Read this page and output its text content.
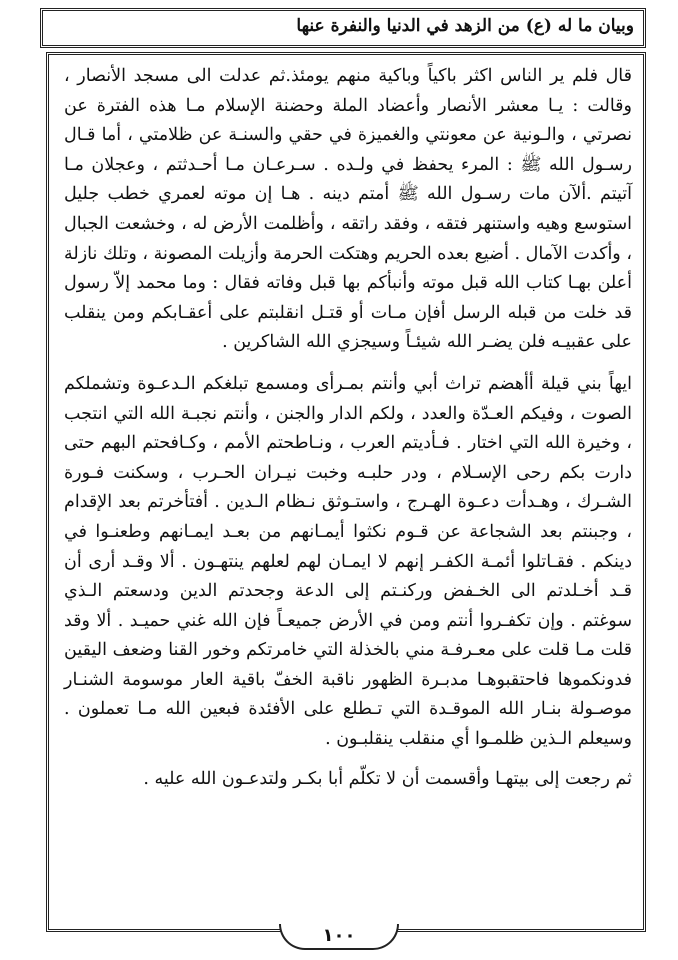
وبيان ما له (ع) من الزهد في الدنيا والنفرة عنها

قال فلم ير الناس اكثر باكياً وباكية منهم يومئذ.ثم عدلت الى مسجد الأنصار ، وقالت : يـا معشر الأنصار وأعضاد الملة وحضنة الإسلام مـا هذه الفترة عن نصرتي ، والـونية عن معونتي والغميزة في حقي والسنـة عن ظلامتي ، أما قـال رسـول الله ﷺ : المرء يحفظ في ولـده . سـرعـان مـا أحـدثتم ، وعجلان مـا آتيتم .ألآن مات رسـول الله ﷺ أمتم دينه . هـا إن موته لعمري خطب جليل استوسع وهيه واستنهر فتقه ، وفقد راتقه ، وأظلمت الأرض له ، وخشعت الجبال ، وأكدت الآمال . أضيع بعده الحريم وهتكت الحرمة وأزيلت المصونة ، وتلك نازلة أعلن بهـا كتاب الله قبل موته وأنبأكم بها قبل وفاته فقال : وما محمد إلاّ رسول قد خلت من قبله الرسل أفإن مـات أو قتـل انقلبتم على أعقـابكم ومن ينقلب على عقبيـه فلن يضـر الله شيئـاً وسيجزي الله الشاكرين .

ايهاً بني قيلة أأهضم تراث أبي وأنتم بمـرأى ومسمع تبلغكم الـدعـوة وتشملكم الصوت ، وفيكم العـدّة والعدد ، ولكم الدار والجنن ، وأنتم نجبـة الله التي انتجب ، وخيرة الله التي اختار . فـأديتم العرب ، ونـاطحتم الأمم ، وكـافحتم البهم حتى دارت بكم رحى الإسـلام ، ودر حلبـه وخبت نيـران الحـرب ، وسكنت فـورة الشـرك ، وهـدأت دعـوة الهـرج ، واستـوثق نـظام الـدين . أفتأخرتم بعد الإقدام ، وجبنتم بعد الشجاعة عن قـوم نكثوا أيمـانهم من بعـد ايمـانهم وطعنـوا في دينكم . فقـاتلوا أئمـة الكفـر إنهم لا ايمـان لهم لعلهم ينتهـون . ألا وقـد أرى أن قـد أخـلدتم الى الخـفض وركنـتم إلى الدعة وجحدتم الدين ودسعتم الـذي سوغتم . وإن تكفـروا أنتم ومن في الأرض جميعـاً فإن الله غني حميـد . ألا وقد قلت مـا قلت على معـرفـة مني بالخذلة التي خامرتكم وخور القنا وضعف اليقين فدونكموها فاحتقبوهـا مدبـرة الظهور ناقبة الخفّ باقية العار موسومة الشنـار موصـولة بنـار الله الموقـدة التي تـطلع على الأفئدة فبعين الله مـا تعملون . وسيعلم الـذين ظلمـوا أي منقلب ينقلبـون .

ثم رجعت إلى بيتهـا وأقسمت أن لا تكلّم أبا بكـر ولتدعـون الله عليه .

١٠٠
